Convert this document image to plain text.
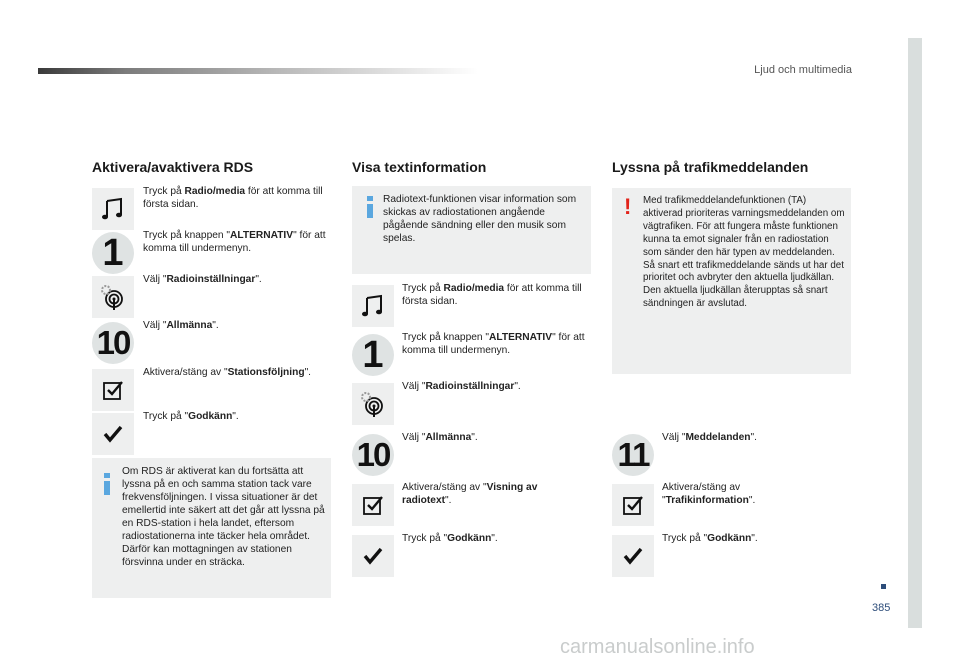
Ljud och multimedia
385
Aktivera/avaktivera RDS
Tryck på Radio/media för att komma till första sidan.
1 Tryck på knappen "ALTERNATIV" för att komma till undermenyn.
Välj "Radioinställningar".
10 Välj "Allmänna".
Aktivera/stäng av "Stationsföljning".
Tryck på "Godkänn".
Om RDS är aktiverat kan du fortsätta att lyssna på en och samma station tack vare frekvensföljningen. I vissa situationer är det emellertid inte säkert att det går att lyssna på en RDS-station i hela landet, eftersom radiostationerna inte täcker hela området. Därför kan mottagningen av stationen försvinna under en sträcka.
Visa textinformation
Radiotext-funktionen visar information som skickas av radiostationen angående pågående sändning eller den musik som spelas.
Tryck på Radio/media för att komma till första sidan.
1 Tryck på knappen "ALTERNATIV" för att komma till undermenyn.
Välj "Radioinställningar".
10 Välj "Allmänna".
Aktivera/stäng av "Visning av radiotext".
Tryck på "Godkänn".
Lyssna på trafikmeddelanden
! Med trafikmeddelandefunktionen (TA) aktiverad prioriteras varningsmeddelanden om vägtrafiken. För att fungera måste funktionen kunna ta emot signaler från en radiostation som sänder den här typen av meddelanden. Så snart ett trafikmeddelande sänds ut har det prioritet och avbryter den aktuella ljudkällan. Den aktuella ljudkällan återupptas så snart sändningen är avslutad.
11 Välj "Meddelanden".
Aktivera/stäng av "Trafikinformation".
Tryck på "Godkänn".
carmanualsonline.info
